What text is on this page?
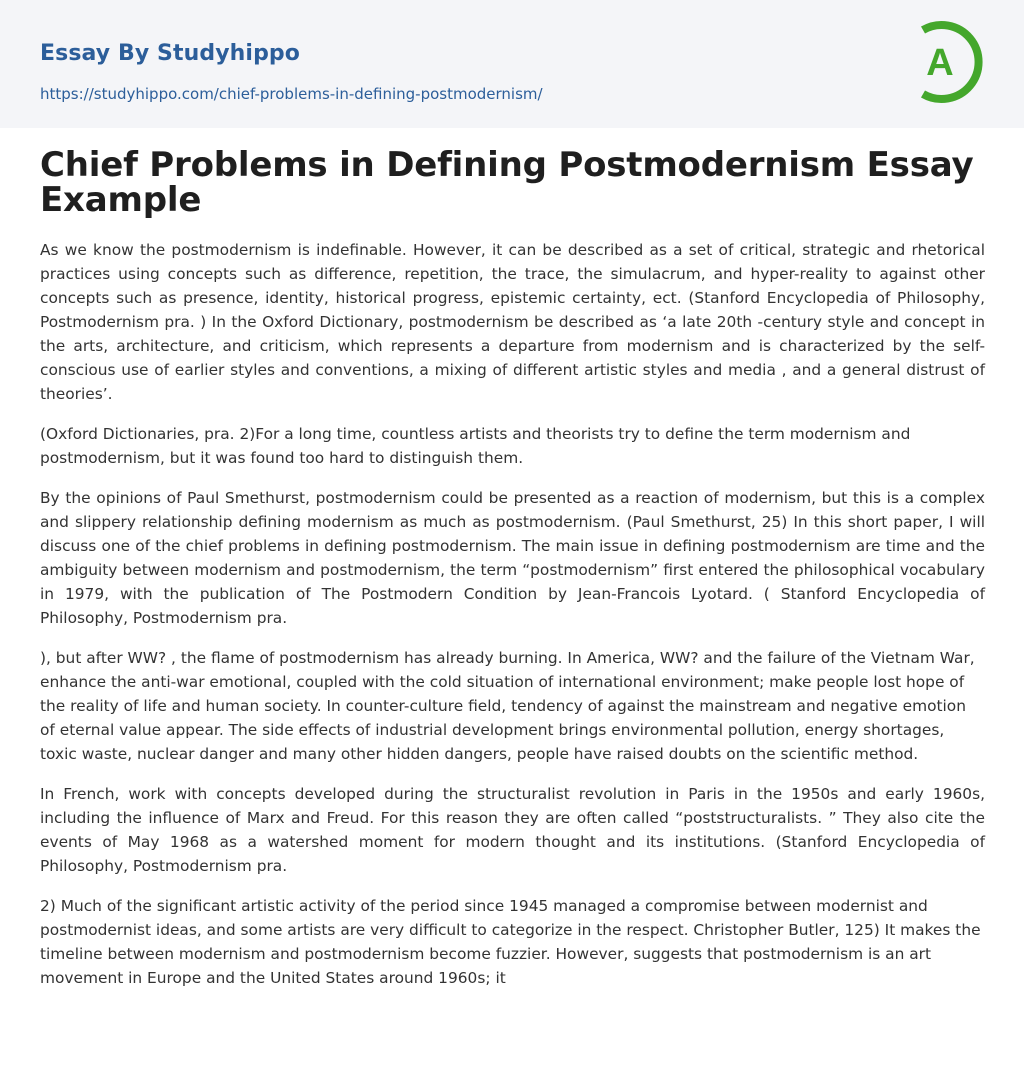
Essay By Studyhippo
https://studyhippo.com/chief-problems-in-defining-postmodernism/
A
Chief Problems in Defining Postmodernism Essay Example

As we know the postmodernism is indefinable. However, it can be described as a set of critical, strategic and rhetorical practices using concepts such as difference, repetition, the trace, the simulacrum, and hyper-reality to against other concepts such as presence, identity, historical progress, epistemic certainty, ect. (Stanford Encyclopedia of Philosophy, Postmodernism pra. ) In the Oxford Dictionary, postmodernism be described as ‘a late 20th -century style and concept in the arts, architecture, and criticism, which represents a departure from modernism and is characterized by the self-conscious use of earlier styles and conventions, a mixing of different artistic styles and media , and a general distrust of theories’.

(Oxford Dictionaries, pra. 2)For a long time, countless artists and theorists try to define the term modernism and postmodernism, but it was found too hard to distinguish them.

By the opinions of Paul Smethurst, postmodernism could be presented as a reaction of modernism, but this is a complex and slippery relationship defining modernism as much as postmodernism. (Paul Smethurst, 25) In this short paper, I will discuss one of the chief problems in defining postmodernism. The main issue in defining postmodernism are time and the ambiguity between modernism and postmodernism, the term “postmodernism” first entered the philosophical vocabulary in 1979, with the publication of The Postmodern Condition by Jean-Francois Lyotard. ( Stanford Encyclopedia of Philosophy, Postmodernism pra.

), but after WW? , the flame of postmodernism has already burning. In America, WW? and the failure of the Vietnam War, enhance the anti-war emotional, coupled with the cold situation of international environment; make people lost hope of the reality of life and human society. In counter-culture field, tendency of against the mainstream and negative emotion of eternal value appear. The side effects of industrial development brings environmental pollution, energy shortages, toxic waste, nuclear danger and many other hidden dangers, people have raised doubts on the scientific method.

In French, work with concepts developed during the structuralist revolution in Paris in the 1950s and early 1960s, including the influence of Marx and Freud. For this reason they are often called “poststructuralists. ” They also cite the events of May 1968 as a watershed moment for modern thought and its institutions. (Stanford Encyclopedia of Philosophy, Postmodernism pra.

2) Much of the significant artistic activity of the period since 1945 managed a compromise between modernist and postmodernist ideas, and some artists are very difficult to categorize in the respect. Christopher Butler, 125) It makes the timeline between modernism and postmodernism become fuzzier. However, suggests that postmodernism is an art movement in Europe and the United States around 1960s; it
